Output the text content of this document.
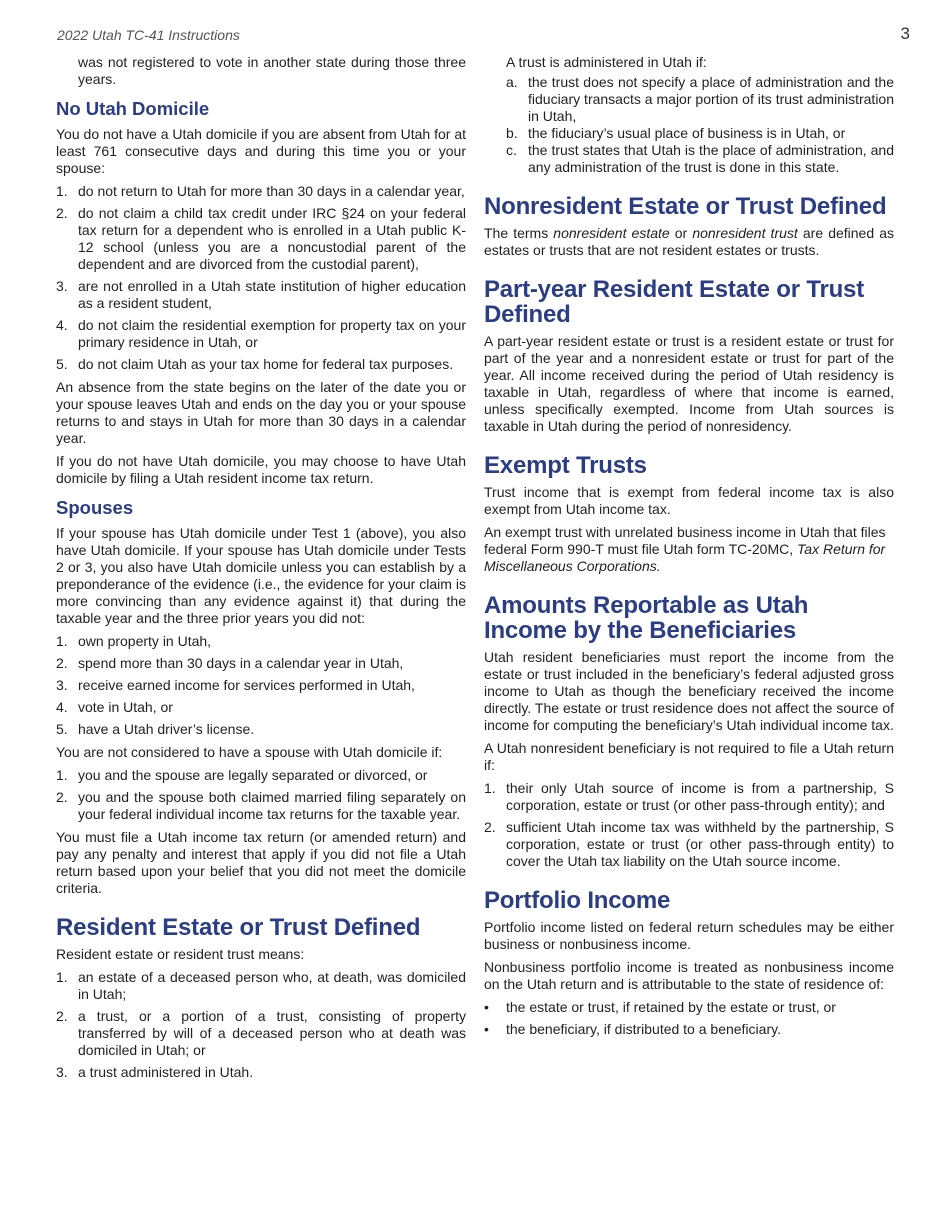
2022 Utah TC-41 Instructions	3

was not registered to vote in another state during those three years.

No Utah Domicile

You do not have a Utah domicile if you are absent from Utah for at least 761 consecutive days and during this time you or your spouse:

1. do not return to Utah for more than 30 days in a calendar year,
2. do not claim a child tax credit under IRC §24 on your federal tax return for a dependent who is enrolled in a Utah public K-12 school (unless you are a noncustodial parent of the dependent and are divorced from the custodial parent),
3. are not enrolled in a Utah state institution of higher education as a resident student,
4. do not claim the residential exemption for property tax on your primary residence in Utah, or
5. do not claim Utah as your tax home for federal tax purposes.

An absence from the state begins on the later of the date you or your spouse leaves Utah and ends on the day you or your spouse returns to and stays in Utah for more than 30 days in a calendar year.

If you do not have Utah domicile, you may choose to have Utah domicile by filing a Utah resident income tax return.

Spouses

If your spouse has Utah domicile under Test 1 (above), you also have Utah domicile. If your spouse has Utah domicile under Tests 2 or 3, you also have Utah domicile unless you can establish by a preponderance of the evidence (i.e., the evidence for your claim is more convincing than any evidence against it) that during the taxable year and the three prior years you did not:

1. own property in Utah,
2. spend more than 30 days in a calendar year in Utah,
3. receive earned income for services performed in Utah,
4. vote in Utah, or
5. have a Utah driver’s license.

You are not considered to have a spouse with Utah domicile if:

1. you and the spouse are legally separated or divorced, or
2. you and the spouse both claimed married filing separately on your federal individual income tax returns for the taxable year.

You must file a Utah income tax return (or amended return) and pay any penalty and interest that apply if you did not file a Utah return based upon your belief that you did not meet the domicile criteria.

Resident Estate or Trust Defined

Resident estate or resident trust means:

1. an estate of a deceased person who, at death, was domiciled in Utah;
2. a trust, or a portion of a trust, consisting of property transferred by will of a deceased person who at death was domiciled in Utah; or
3. a trust administered in Utah.

A trust is administered in Utah if:

a. the trust does not specify a place of administration and the fiduciary transacts a major portion of its trust administration in Utah,
b. the fiduciary’s usual place of business is in Utah, or
c. the trust states that Utah is the place of administration, and any administration of the trust is done in this state.
Nonresident Estate or Trust Defined

The terms nonresident estate or nonresident trust are defined as estates or trusts that are not resident estates or trusts.

Part-year Resident Estate or Trust Defined

A part-year resident estate or trust is a resident estate or trust for part of the year and a nonresident estate or trust for part of the year. All income received during the period of Utah residency is taxable in Utah, regardless of where that income is earned, unless specifically exempted. Income from Utah sources is taxable in Utah during the period of nonresidency.

Exempt Trusts

Trust income that is exempt from federal income tax is also exempt from Utah income tax.

An exempt trust with unrelated business income in Utah that files federal Form 990-T must file Utah form TC-20MC, Tax Return for Miscellaneous Corporations.

Amounts Reportable as Utah Income by the Beneficiaries

Utah resident beneficiaries must report the income from the estate or trust included in the beneficiary’s federal adjusted gross income to Utah as though the beneficiary received the income directly. The estate or trust residence does not affect the source of income for computing the beneficiary’s Utah individual income tax.

A Utah nonresident beneficiary is not required to file a Utah return if:

1. their only Utah source of income is from a partnership, S corporation, estate or trust (or other pass-through entity); and
2. sufficient Utah income tax was withheld by the partnership, S corporation, estate or trust (or other pass-through entity) to cover the Utah tax liability on the Utah source income.
Portfolio Income

Portfolio income listed on federal return schedules may be either business or nonbusiness income.

Nonbusiness portfolio income is treated as nonbusiness income on the Utah return and is attributable to the state of residence of:

• the estate or trust, if retained by the estate or trust, or
• the beneficiary, if distributed to a beneficiary.
